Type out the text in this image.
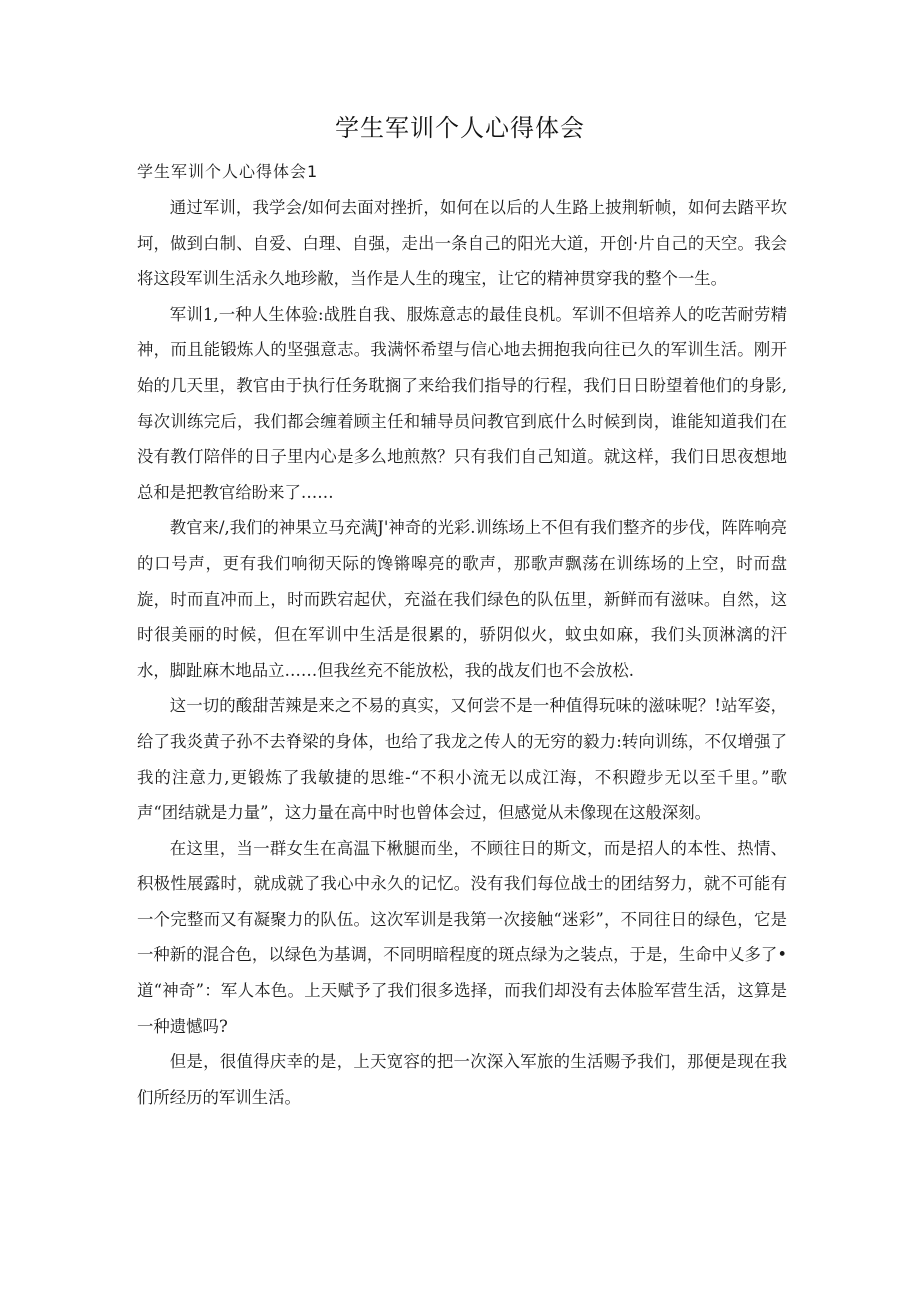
学生军训个人心得体会
学生军训个人心得体会1

通过军训，我学会/如何去面对挫折，如何在以后的人生路上披荆斩帧，如何去踏平坎坷，做到白制、自爱、白理、自强，走出一条自己的阳光大道，开创·片自己的天空。我会将这段军训生活永久地珍敝，当作是人生的瑰宝，让它的精神贯穿我的整个一生。

军训1,一种人生体验:战胜自我、服炼意志的最佳良机。军训不但培养人的吃苦耐劳精神，而且能锻炼人的坚强意志。我满怀希望与信心地去拥抱我向往已久的军训生活。刚开始的几天里，教官由于执行任务耽搁了来给我们指导的行程，我们日日盼望着他们的身影,每次训练完后，我们都会缠着顾主任和辅导员问教官到底什么时候到岗，谁能知道我们在没有教仃陪伴的日子里内心是多么地煎熬？只有我们自己知道。就这样，我们日思夜想地总和是把教官给盼来了……

教官来/,我们的神果立马充满J'神奇的光彩.训练场上不但有我们整齐的步伐，阵阵响亮的口号声，更有我们响彻天际的馋锵嗥亮的歌声，那歌声飘荡在训练场的上空，时而盘旋，时而直冲而上，时而跌宕起伏，充溢在我们绿色的队伍里，新鲜而有滋味。自然，这时很美丽的时候，但在军训中生活是很累的，骄阴似火，蚊虫如麻，我们头顶淋漓的汗水，脚趾麻木地品立……但我丝充不能放松，我的战友们也不会放松.

这一切的酸甜苦辣是来之不易的真实，又何尝不是一种值得玩味的滋味呢？!站军姿，给了我炎黄子孙不去脊梁的身体，也给了我龙之传人的无穷的毅力:转向训练，不仅增强了我的注意力,更锻炼了我敏捷的思维-“不积小流无以成江海，不积蹬步无以至千里。”歌声“团结就是力量”，这力量在高中时也曾体会过，但感觉从未像现在这般深刻。

在这里，当一群女生在高温下楸腿而坐，不顾往日的斯文，而是招人的本性、热情、积极性展露时，就成就了我心中永久的记忆。没有我们每位战士的团结努力，就不可能有一个完整而又有凝聚力的队伍。这次军训是我第一次接触“迷彩”，不同往日的绿色，它是一种新的混合色，以绿色为基调，不同明暗程度的斑点绿为之装点，于是，生命中乂多了•道“神奇”：军人本色。上天赋予了我们很多选择，而我们却没有去体脸军营生活，这算是一种遗憾吗?

但是，很值得庆幸的是，上天宽容的把一次深入军旅的生活赐予我们，那便是现在我们所经历的军训生活。
